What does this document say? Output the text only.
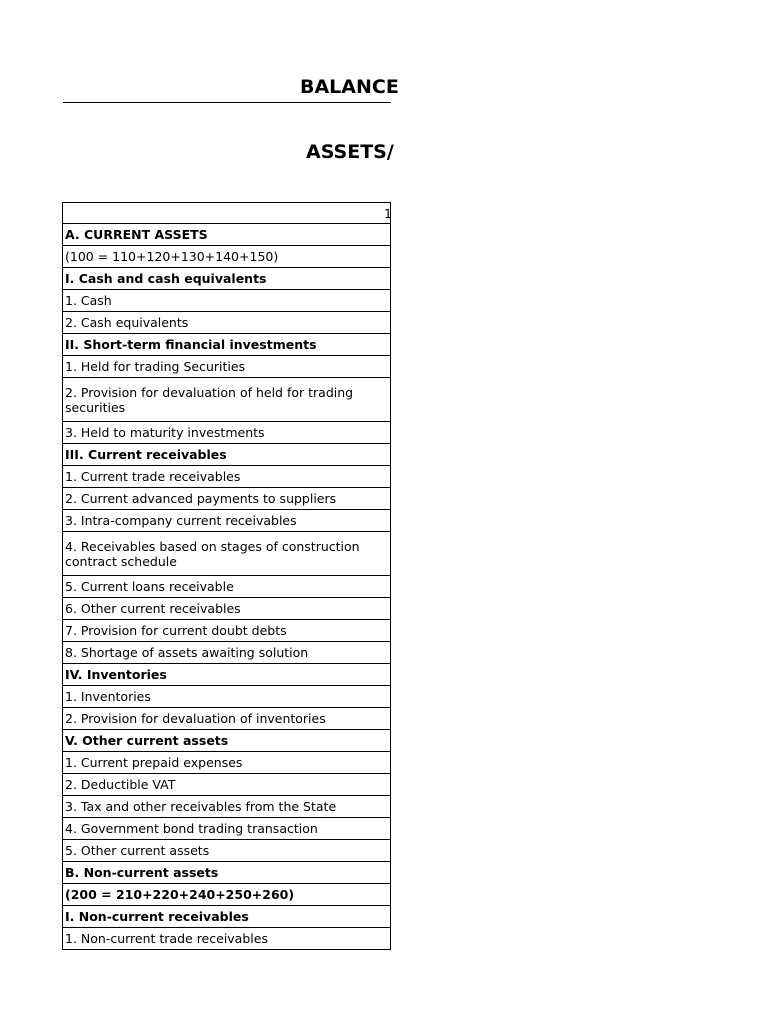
BALANCE
ASSETS/
1
A. CURRENT ASSETS
(100 = 110+120+130+140+150)
I. Cash and cash equivalents
1. Cash
2. Cash equivalents
II. Short-term financial investments
1. Held for trading Securities
2. Provision for devaluation of held for trading securities
3. Held to maturity investments
III. Current receivables
1. Current trade receivables
2. Current advanced payments to suppliers
3. Intra-company current receivables
4. Receivables based on stages of construction contract schedule
5. Current loans receivable
6. Other current receivables
7. Provision for current doubt debts
8. Shortage of assets awaiting solution
IV. Inventories
1. Inventories
2. Provision for devaluation of inventories
V. Other current assets
1. Current prepaid expenses
2. Deductible VAT
3. Tax and other receivables from the State
4. Government bond trading transaction
5. Other current assets
B. Non-current assets
(200 = 210+220+240+250+260)
I. Non-current receivables
1. Non-current trade receivables
